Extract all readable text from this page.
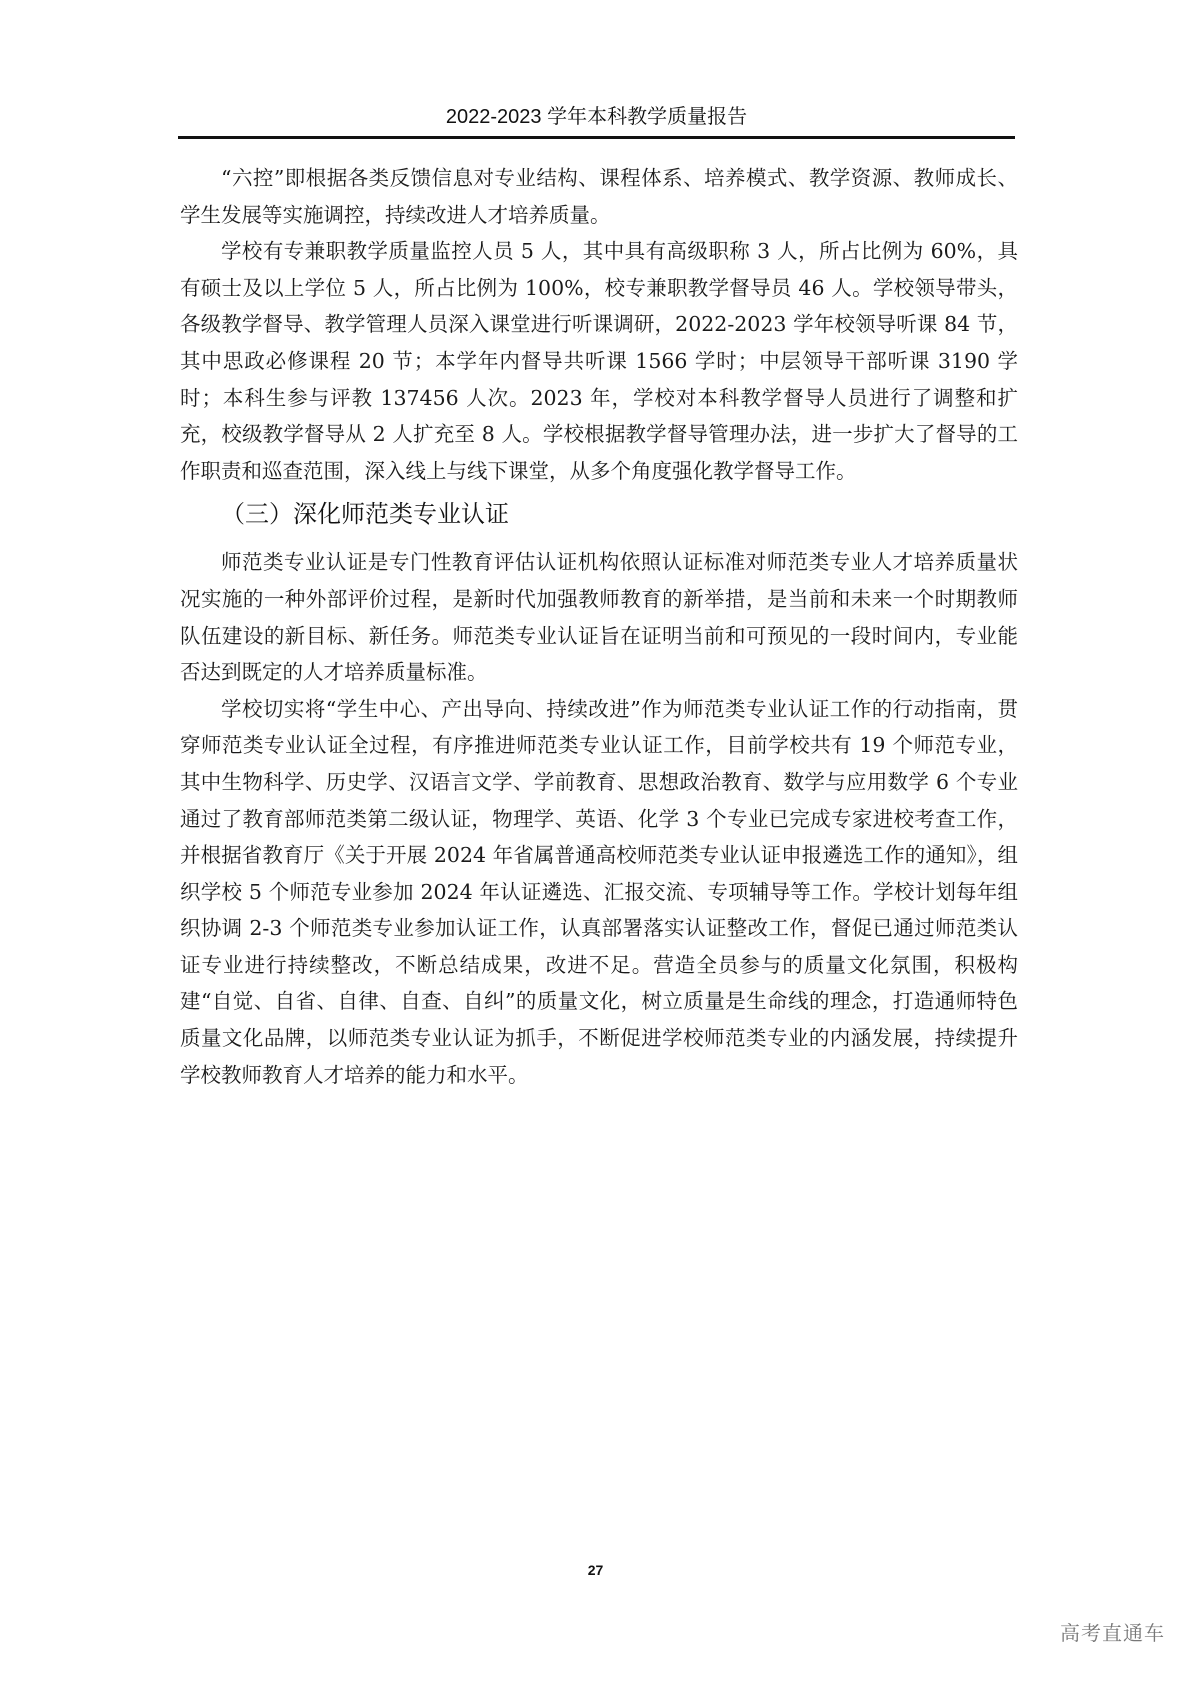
2022-2023 学年本科教学质量报告

“六控”即根据各类反馈信息对专业结构、课程体系、培养模式、教学资源、教师成长、学生发展等实施调控，持续改进人才培养质量。

学校有专兼职教学质量监控人员 5 人，其中具有高级职称 3 人，所占比例为 60%，具有硕士及以上学位 5 人，所占比例为 100%，校专兼职教学督导员 46 人。学校领导带头，各级教学督导、教学管理人员深入课堂进行听课调研，2022-2023 学年校领导听课 84 节，其中思政必修课程 20 节；本学年内督导共听课 1566 学时；中层领导干部听课 3190 学时；本科生参与评教 137456 人次。2023 年，学校对本科教学督导人员进行了调整和扩充，校级教学督导从 2 人扩充至 8 人。学校根据教学督导管理办法，进一步扩大了督导的工作职责和巡查范围，深入线上与线下课堂，从多个角度强化教学督导工作。

（三）深化师范类专业认证

师范类专业认证是专门性教育评估认证机构依照认证标准对师范类专业人才培养质量状况实施的一种外部评价过程，是新时代加强教师教育的新举措，是当前和未来一个时期教师队伍建设的新目标、新任务。师范类专业认证旨在证明当前和可预见的一段时间内，专业能否达到既定的人才培养质量标准。

学校切实将“学生中心、产出导向、持续改进”作为师范类专业认证工作的行动指南，贯穿师范类专业认证全过程，有序推进师范类专业认证工作，目前学校共有 19 个师范专业，其中生物科学、历史学、汉语言文学、学前教育、思想政治教育、数学与应用数学 6 个专业通过了教育部师范类第二级认证，物理学、英语、化学 3 个专业已完成专家进校考查工作，并根据省教育厅《关于开展 2024 年省属普通高校师范类专业认证申报遴选工作的通知》，组织学校 5 个师范专业参加 2024 年认证遴选、汇报交流、专项辅导等工作。学校计划每年组织协调 2-3 个师范类专业参加认证工作，认真部署落实认证整改工作，督促已通过师范类认证专业进行持续整改，不断总结成果，改进不足。营造全员参与的质量文化氛围，积极构建“自觉、自省、自律、自查、自纠”的质量文化，树立质量是生命线的理念，打造通师特色质量文化品牌，以师范类专业认证为抓手，不断促进学校师范类专业的内涵发展，持续提升学校教师教育人才培养的能力和水平。

27
高考直通车
